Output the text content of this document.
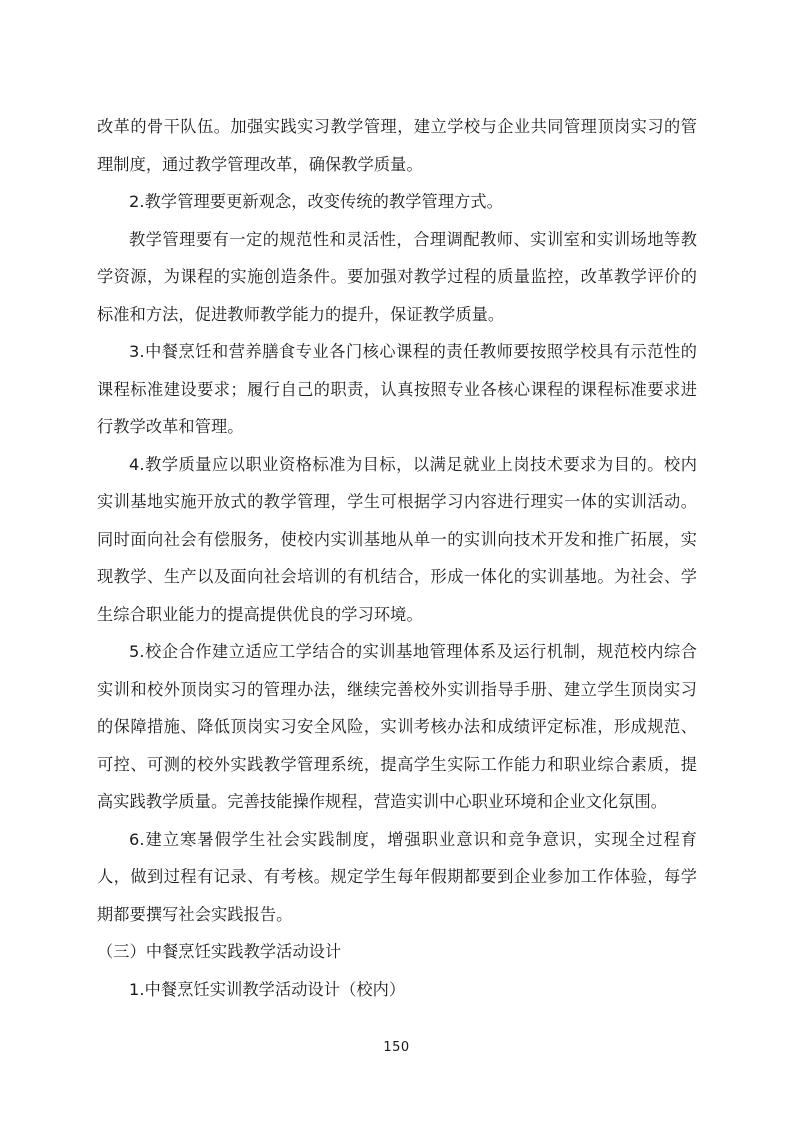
改革的骨干队伍。加强实践实习教学管理，建立学校与企业共同管理顶岗实习的管理制度，通过教学管理改革，确保教学质量。

2.教学管理要更新观念，改变传统的教学管理方式。

教学管理要有一定的规范性和灵活性，合理调配教师、实训室和实训场地等教学资源，为课程的实施创造条件。要加强对教学过程的质量监控，改革教学评价的标准和方法，促进教师教学能力的提升，保证教学质量。

3.中餐烹饪和营养膳食专业各门核心课程的责任教师要按照学校具有示范性的课程标准建设要求；履行自己的职责，认真按照专业各核心课程的课程标准要求进行教学改革和管理。

4.教学质量应以职业资格标准为目标，以满足就业上岗技术要求为目的。校内实训基地实施开放式的教学管理，学生可根据学习内容进行理实一体的实训活动。同时面向社会有偿服务，使校内实训基地从单一的实训向技术开发和推广拓展，实现教学、生产以及面向社会培训的有机结合，形成一体化的实训基地。为社会、学生综合职业能力的提高提供优良的学习环境。

5.校企合作建立适应工学结合的实训基地管理体系及运行机制，规范校内综合实训和校外顶岗实习的管理办法，继续完善校外实训指导手册、建立学生顶岗实习的保障措施、降低顶岗实习安全风险，实训考核办法和成绩评定标准，形成规范、可控、可测的校外实践教学管理系统，提高学生实际工作能力和职业综合素质，提高实践教学质量。完善技能操作规程，营造实训中心职业环境和企业文化氛围。

6.建立寒暑假学生社会实践制度，增强职业意识和竞争意识，实现全过程育人，做到过程有记录、有考核。规定学生每年假期都要到企业参加工作体验，每学期都要撰写社会实践报告。

（三）中餐烹饪实践教学活动设计

1.中餐烹饪实训教学活动设计（校内）

150
